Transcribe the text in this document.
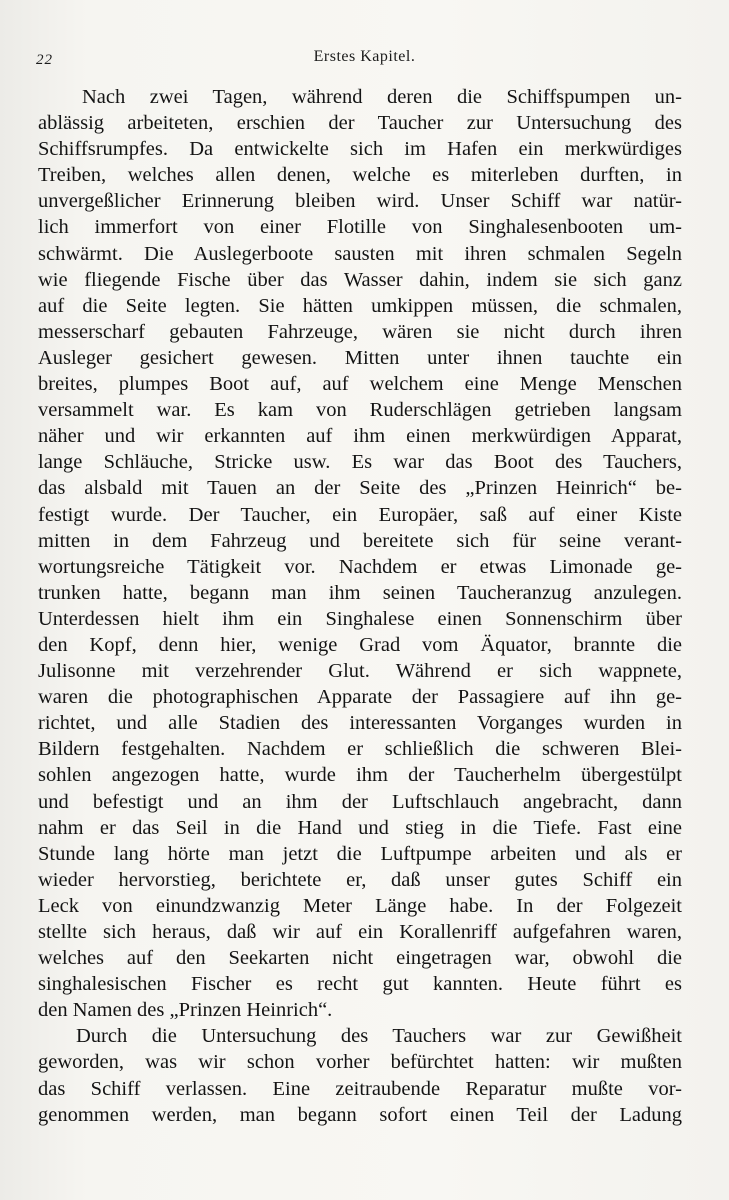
22	Erstes Kapitel.
Nach zwei Tagen, während deren die Schiffspumpen un-
ablässig arbeiteten, erschien der Taucher zur Untersuchung des
Schiffsrumpfes. Da entwickelte sich im Hafen ein merkwürdiges
Treiben, welches allen denen, welche es miterleben durften, in
unvergeßlicher Erinnerung bleiben wird. Unser Schiff war natür-
lich immerfort von einer Flotille von Singhalesenbooten um-
schwärmt. Die Auslegerboote sausten mit ihren schmalen Segeln
wie fliegende Fische über das Wasser dahin, indem sie sich ganz
auf die Seite legten. Sie hätten umkippen müssen, die schmalen,
messerscharf gebauten Fahrzeuge, wären sie nicht durch ihren
Ausleger gesichert gewesen. Mitten unter ihnen tauchte ein
breites, plumpes Boot auf, auf welchem eine Menge Menschen
versammelt war. Es kam von Ruderschlägen getrieben langsam
näher und wir erkannten auf ihm einen merkwürdigen Apparat,
lange Schläuche, Stricke usw. Es war das Boot des Tauchers,
das alsbald mit Tauen an der Seite des „Prinzen Heinrich“ be-
festigt wurde. Der Taucher, ein Europäer, saß auf einer Kiste
mitten in dem Fahrzeug und bereitete sich für seine verant-
wortungsreiche Tätigkeit vor. Nachdem er etwas Limonade ge-
trunken hatte, begann man ihm seinen Taucheranzug anzulegen.
Unterdessen hielt ihm ein Singhalese einen Sonnenschirm über
den Kopf, denn hier, wenige Grad vom Äquator, brannte die
Julisonne mit verzehrender Glut. Während er sich wappnete,
waren die photographischen Apparate der Passagiere auf ihn ge-
richtet, und alle Stadien des interessanten Vorganges wurden in
Bildern festgehalten. Nachdem er schließlich die schweren Blei-
sohlen angezogen hatte, wurde ihm der Taucherhelm übergestülpt
und befestigt und an ihm der Luftschlauch angebracht, dann
nahm er das Seil in die Hand und stieg in die Tiefe. Fast eine
Stunde lang hörte man jetzt die Luftpumpe arbeiten und als er
wieder hervorstieg, berichtete er, daß unser gutes Schiff ein
Leck von einundzwanzig Meter Länge habe. In der Folgezeit
stellte sich heraus, daß wir auf ein Korallenriff aufgefahren waren,
welches auf den Seekarten nicht eingetragen war, obwohl die
singhalesischen Fischer es recht gut kannten. Heute führt es
den Namen des „Prinzen Heinrich“.
Durch die Untersuchung des Tauchers war zur Gewißheit
geworden, was wir schon vorher befürchtet hatten: wir mußten
das Schiff verlassen. Eine zeitraubende Reparatur mußte vor-
genommen werden, man begann sofort einen Teil der Ladung
